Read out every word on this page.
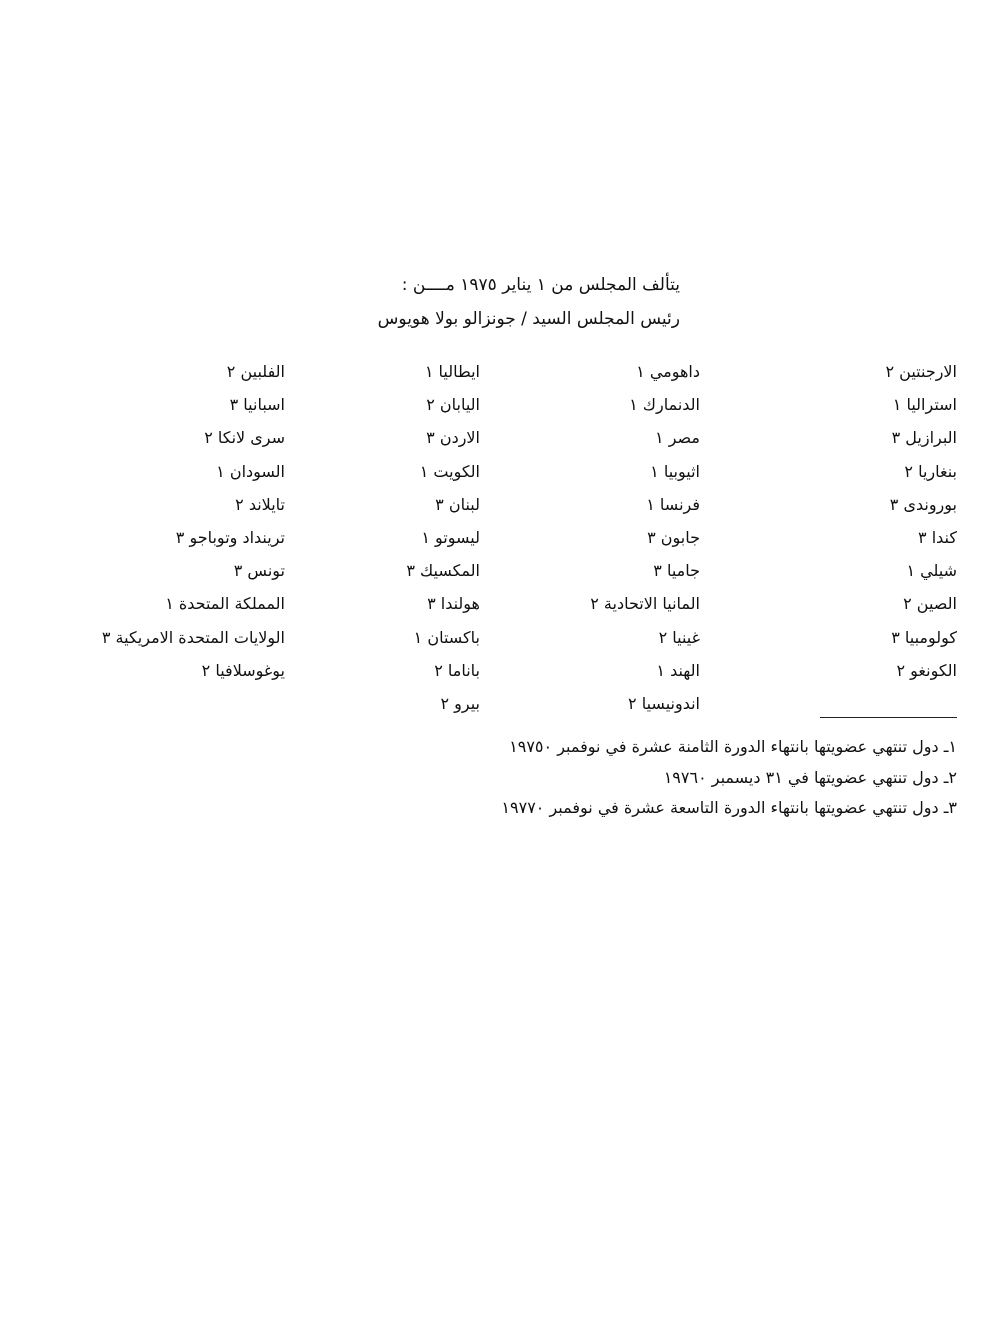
يتألف المجلس من ١ يناير ١٩٧٥ مــــن :
رئيس المجلس السيد / جونزالو بولا هويوس
الارجنتين ٢
استراليا ١
البرازيل ٣
بنغاريا ٢
بوروندى ٣
كندا ٣
شيلي ١
الصين ٢
كولومبيا ٣
الكونغو ٢
داهومي ١
الدنمارك ١
مصر ١
اثيوبيا ١
فرنسا ١
جابون ٣
جاميا ٣
المانيا الاتحادية ٢
غينيا ٢
الهند ١
اندونيسيا ٢
ايطاليا ١
اليابان ٢
الاردن ٣
الكويت ١
لبنان ٣
ليسوتو ١
المكسيك ٣
هولندا ٣
باكستان ١
باناما ٢
بيرو ٢
الفلبين ٢
اسبانيا ٣
سرى لانكا ٢
السودان ١
تايلاند ٢
ترينداد وتوباجو ٣
تونس ٣
المملكة المتحدة ١
الولايات المتحدة الامريكية ٣
يوغوسلافيا ٢
١ـ دول تنتهي عضويتها بانتهاء الدورة الثامنة عشرة في نوفمبر ١٩٧٥٠
٢ـ دول تنتهي عضويتها في ٣١ ديسمبر ١٩٧٦٠
٣ـ دول تنتهي عضويتها بانتهاء الدورة التاسعة عشرة في نوفمبر ١٩٧٧٠
